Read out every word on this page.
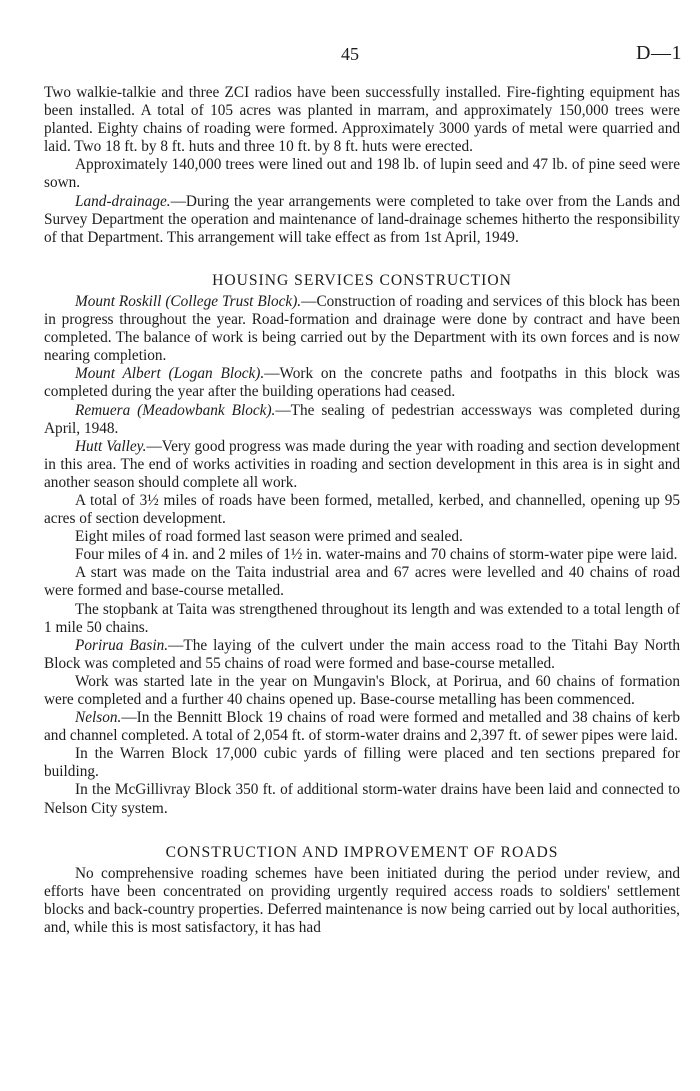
45	D—1

Two walkie-talkie and three ZCI radios have been successfully installed. Fire-fighting equipment has been installed. A total of 105 acres was planted in marram, and approximately 150,000 trees were planted. Eighty chains of roading were formed. Approximately 3000 yards of metal were quarried and laid. Two 18 ft. by 8 ft. huts and three 10 ft. by 8 ft. huts were erected.

Approximately 140,000 trees were lined out and 198 lb. of lupin seed and 47 lb. of pine seed were sown.

Land-drainage.—During the year arrangements were completed to take over from the Lands and Survey Department the operation and maintenance of land-drainage schemes hitherto the responsibility of that Department. This arrangement will take effect as from 1st April, 1949.

HOUSING SERVICES CONSTRUCTION

Mount Roskill (College Trust Block).—Construction of roading and services of this block has been in progress throughout the year. Road-formation and drainage were done by contract and have been completed. The balance of work is being carried out by the Department with its own forces and is now nearing completion.

Mount Albert (Logan Block).—Work on the concrete paths and footpaths in this block was completed during the year after the building operations had ceased.

Remuera (Meadowbank Block).—The sealing of pedestrian accessways was completed during April, 1948.

Hutt Valley.—Very good progress was made during the year with roading and section development in this area. The end of works activities in roading and section development in this area is in sight and another season should complete all work.

A total of 3½ miles of roads have been formed, metalled, kerbed, and channelled, opening up 95 acres of section development.

Eight miles of road formed last season were primed and sealed.

Four miles of 4 in. and 2 miles of 1½ in. water-mains and 70 chains of storm-water pipe were laid.

A start was made on the Taita industrial area and 67 acres were levelled and 40 chains of road were formed and base-course metalled.

The stopbank at Taita was strengthened throughout its length and was extended to a total length of 1 mile 50 chains.

Porirua Basin.—The laying of the culvert under the main access road to the Titahi Bay North Block was completed and 55 chains of road were formed and base-course metalled.

Work was started late in the year on Mungavin's Block, at Porirua, and 60 chains of formation were completed and a further 40 chains opened up. Base-course metalling has been commenced.

Nelson.—In the Bennitt Block 19 chains of road were formed and metalled and 38 chains of kerb and channel completed. A total of 2,054 ft. of storm-water drains and 2,397 ft. of sewer pipes were laid.

In the Warren Block 17,000 cubic yards of filling were placed and ten sections prepared for building.

In the McGillivray Block 350 ft. of additional storm-water drains have been laid and connected to Nelson City system.

CONSTRUCTION AND IMPROVEMENT OF ROADS

No comprehensive roading schemes have been initiated during the period under review, and efforts have been concentrated on providing urgently required access roads to soldiers' settlement blocks and back-country properties. Deferred maintenance is now being carried out by local authorities, and, while this is most satisfactory, it has had
